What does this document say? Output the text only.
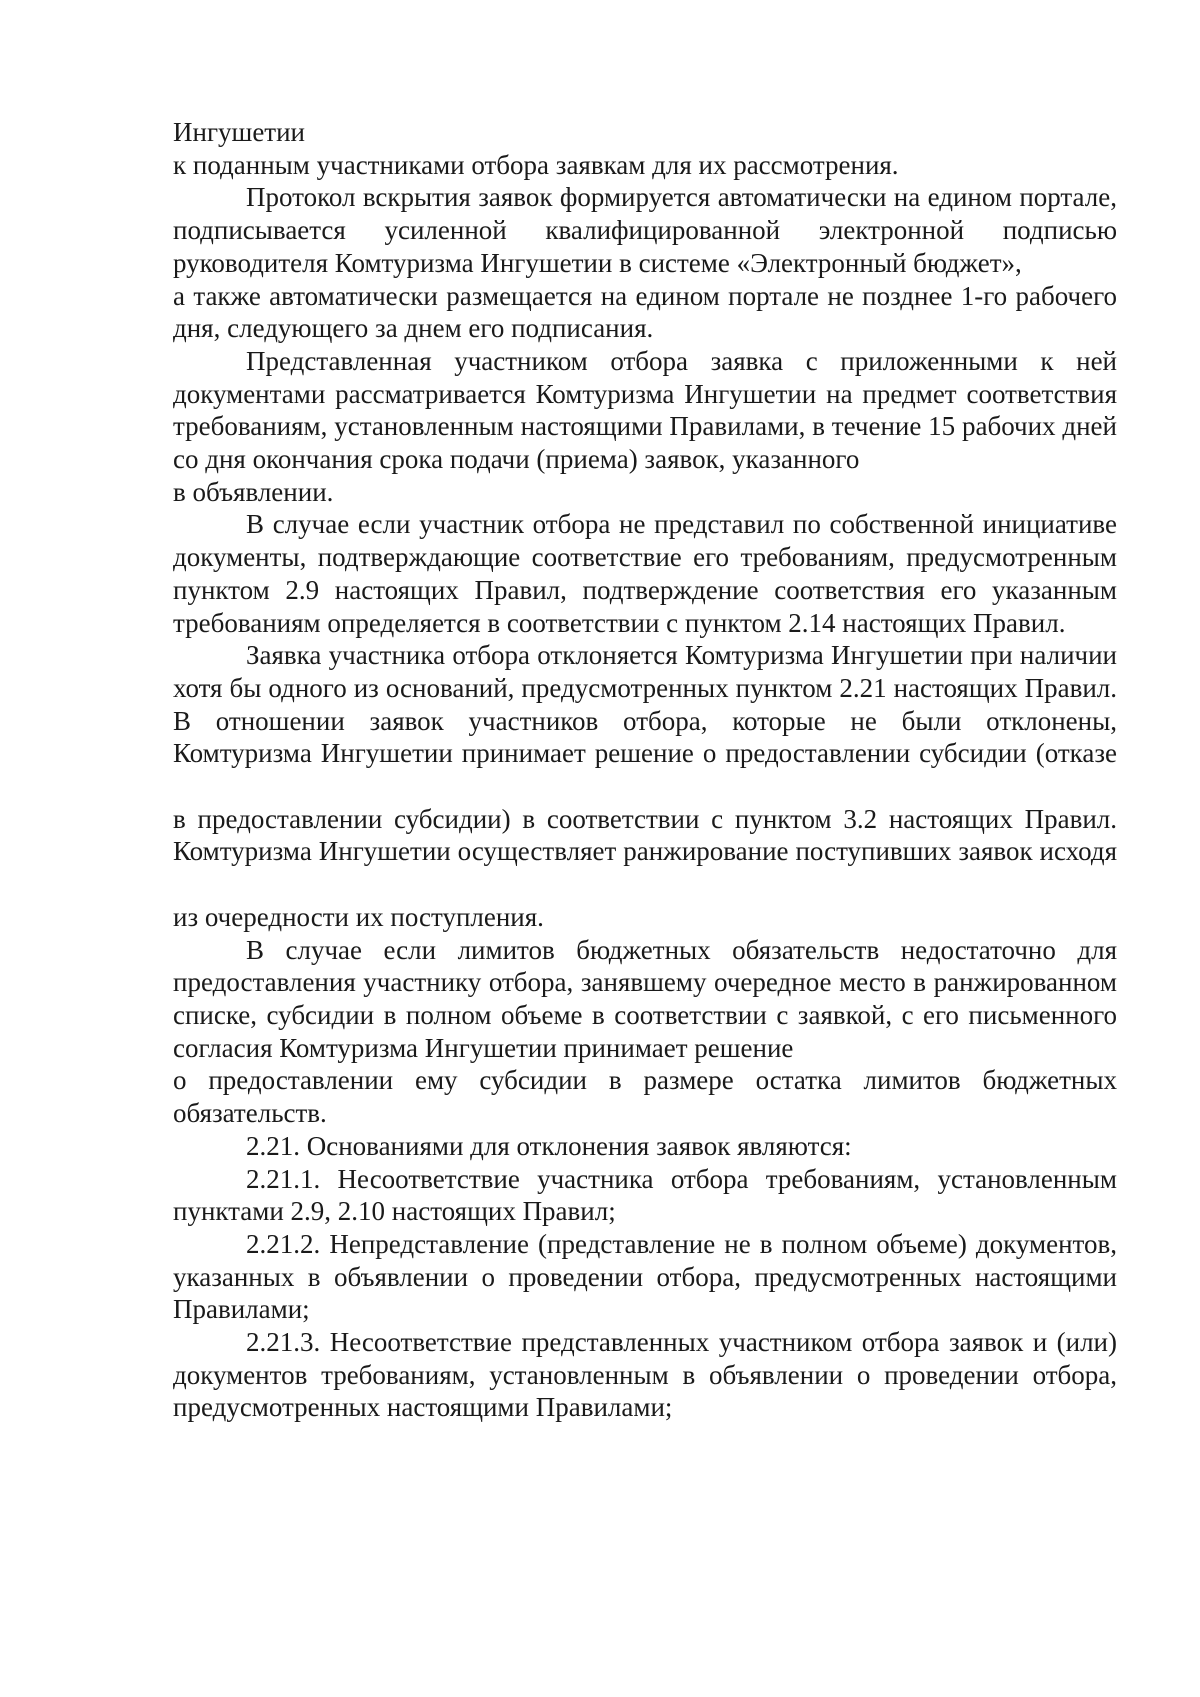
Ингушетии

к поданным участниками отбора заявкам для их рассмотрения.

Протокол вскрытия заявок формируется автоматически на едином портале, подписывается усиленной квалифицированной электронной подписью руководителя Комтуризма Ингушетии в системе «Электронный бюджет»,

а также автоматически размещается на едином портале не позднее 1-го рабочего дня, следующего за днем его подписания.

Представленная участником отбора заявка с приложенными к ней документами рассматривается Комтуризма Ингушетии на предмет соответствия требованиям, установленным настоящими Правилами, в течение 15 рабочих дней со дня окончания срока подачи (приема) заявок, указанного

в объявлении.

В случае если участник отбора не представил по собственной инициативе документы, подтверждающие соответствие его требованиям, предусмотренным пунктом 2.9 настоящих Правил, подтверждение соответствия его указанным требованиям определяется в соответствии с пунктом 2.14 настоящих Правил.

Заявка участника отбора отклоняется Комтуризма Ингушетии при наличии хотя бы одного из оснований, предусмотренных пунктом 2.21 настоящих Правил. В отношении заявок участников отбора, которые не были отклонены, Комтуризма Ингушетии принимает решение о предоставлении субсидии (отказе

в предоставлении субсидии) в соответствии с пунктом 3.2 настоящих Правил. Комтуризма Ингушетии осуществляет ранжирование поступивших заявок исходя

из очередности их поступления.

В случае если лимитов бюджетных обязательств недостаточно для предоставления участнику отбора, занявшему очередное место в ранжированном списке, субсидии в полном объеме в соответствии с заявкой, с его письменного согласия Комтуризма Ингушетии принимает решение

о предоставлении ему субсидии в размере остатка лимитов бюджетных обязательств.

2.21. Основаниями для отклонения заявок являются:

2.21.1. Несоответствие участника отбора требованиям, установленным пунктами 2.9, 2.10 настоящих Правил;

2.21.2. Непредставление (представление не в полном объеме) документов, указанных в объявлении о проведении отбора, предусмотренных настоящими Правилами;

2.21.3. Несоответствие представленных участником отбора заявок и (или) документов требованиям, установленным в объявлении о проведении отбора, предусмотренных настоящими Правилами;
